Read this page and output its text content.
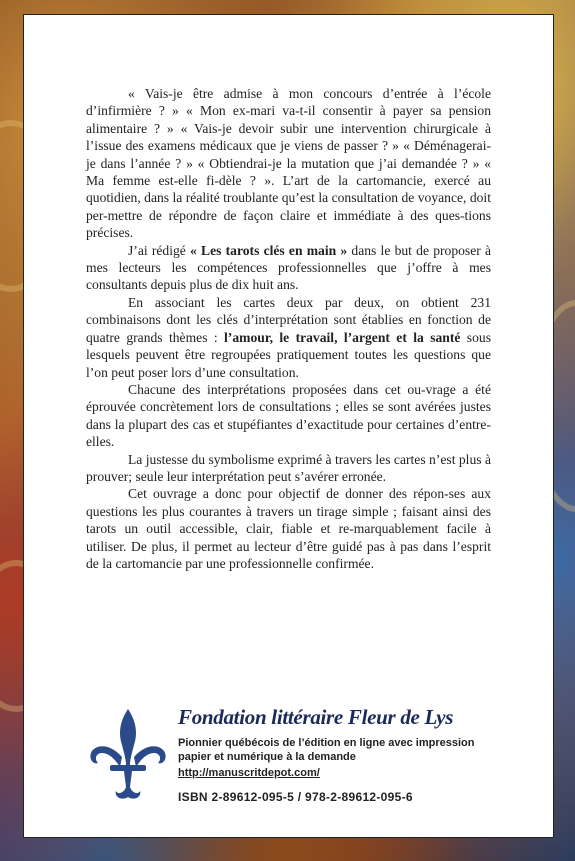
« Vais-je être admise à mon concours d’entrée à l’école d’infirmière ? » « Mon ex-mari va-t-il consentir à payer sa pension alimentaire ? » « Vais-je devoir subir une intervention chirurgicale à l’issue des examens médicaux que je viens de passer ? » « Déménagerai-je dans l’année ? » « Obtiendrai-je la mutation que j’ai demandée ? » « Ma femme est-elle fi-dèle ? ». L’art de la cartomancie, exercé au quotidien, dans la réalité troublante qu’est la consultation de voyance, doit per-mettre de répondre de façon claire et immédiate à des ques-tions précises.

J’ai rédigé « Les tarots clés en main » dans le but de proposer à mes lecteurs les compétences professionnelles que j’offre à mes consultants depuis plus de dix huit ans.

En associant les cartes deux par deux, on obtient 231 combinaisons dont les clés d’interprétation sont établies en fonction de quatre grands thèmes : l’amour, le travail, l’argent et la santé sous lesquels peuvent être regroupées pratiquement toutes les questions que l’on peut poser lors d’une consultation.

Chacune des interprétations proposées dans cet ou-vrage a été éprouvée concrètement lors de consultations ; elles se sont avérées justes dans la plupart des cas et stupéfiantes d’exactitude pour certaines d’entre-elles.

La justesse du symbolisme exprimé à travers les cartes n’est plus à prouver; seule leur interprétation peut s’avérer erronée.

Cet ouvrage a donc pour objectif de donner des répon-ses aux questions les plus courantes à travers un tirage simple ; faisant ainsi des tarots un outil accessible, clair, fiable et re-marquablement facile à utiliser. De plus, il permet au lecteur d’être guidé pas à pas dans l’esprit de la cartomancie par une professionnelle confirmée.

Fondation littéraire Fleur de Lys
Pionnier québécois de l’édition en ligne avec impression papier et numérique à la demande
http://manuscritdepot.com/
ISBN 2-89612-095-5 / 978-2-89612-095-6
